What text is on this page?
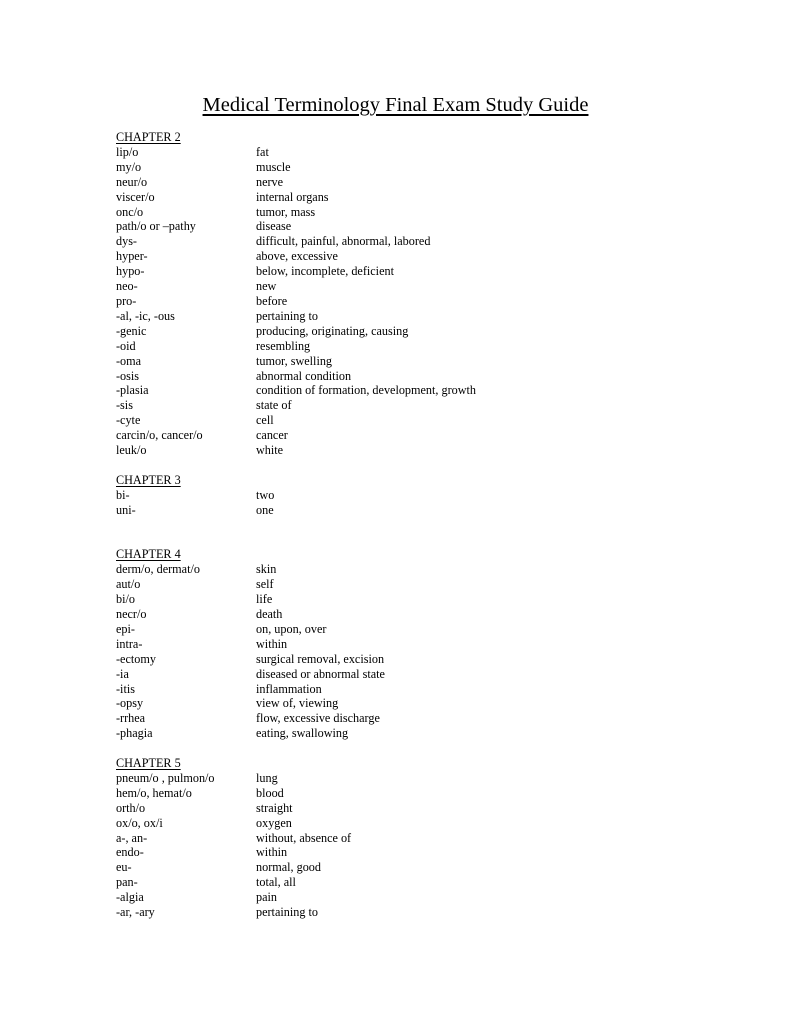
Medical Terminology Final Exam Study Guide
CHAPTER 2
lip/o	fat
my/o	muscle
neur/o	nerve
viscer/o	internal organs
onc/o	tumor, mass
path/o or –pathy	disease
dys-	difficult, painful, abnormal, labored
hyper-	above, excessive
hypo-	below, incomplete, deficient
neo-	new
pro-	before
-al, -ic, -ous	pertaining to
-genic	producing, originating, causing
-oid	resembling
-oma	tumor, swelling
-osis	abnormal condition
-plasia	condition of formation, development, growth
-sis	state of
-cyte	cell
carcin/o, cancer/o	cancer
leuk/o	white
CHAPTER 3
bi-	two
uni-	one
CHAPTER 4
derm/o, dermat/o	skin
aut/o	self
bi/o	life
necr/o	death
epi-	on, upon, over
intra-	within
-ectomy	surgical removal, excision
-ia	diseased or abnormal state
-itis	inflammation
-opsy	view of, viewing
-rrhea	flow, excessive discharge
-phagia	eating, swallowing
CHAPTER 5
pneum/o , pulmon/o	lung
hem/o, hemat/o	blood
orth/o	straight
ox/o, ox/i	oxygen
a-, an-	without, absence of
endo-	within
eu-	normal, good
pan-	total, all
-algia	pain
-ar, -ary	pertaining to
